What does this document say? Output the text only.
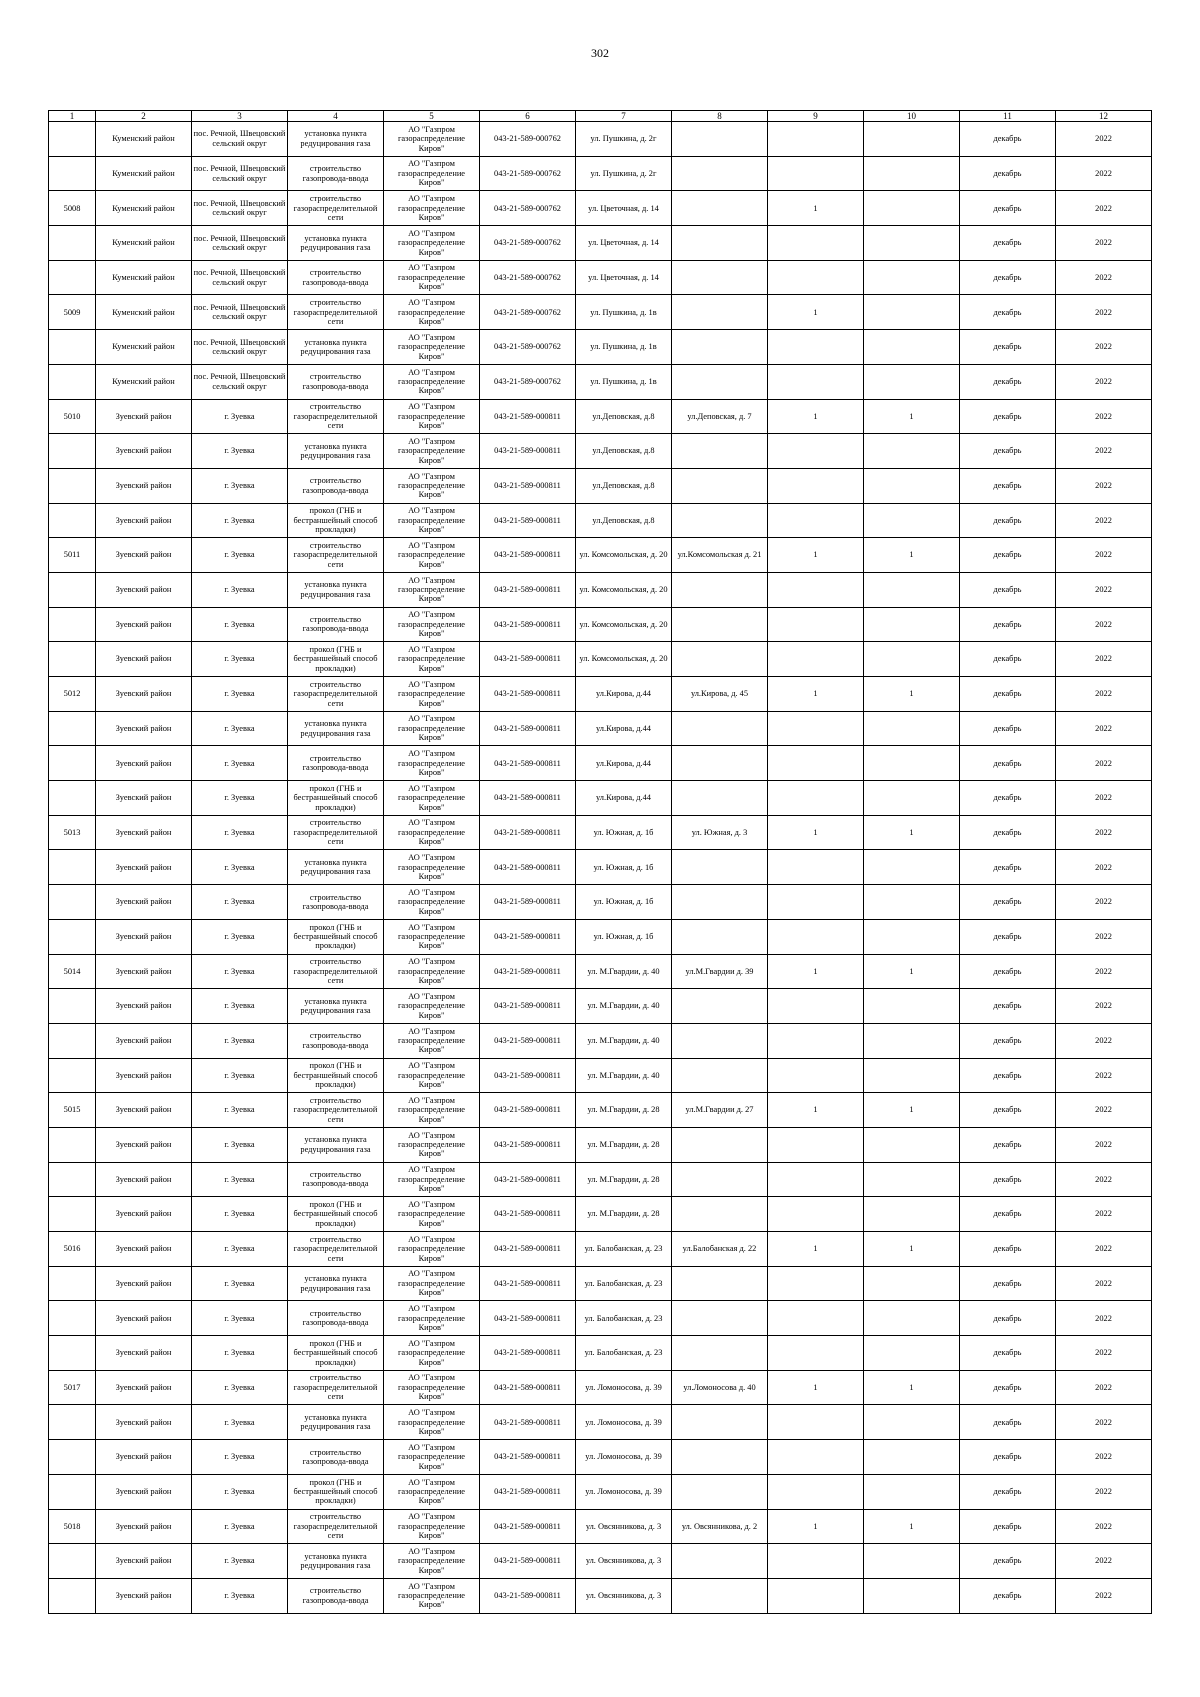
302
1	2	3	4	5	6	7	8	9	10	11	12

	Куменский район	пос. Речной, Швецовский сельский округ	установка пункта редуцирования газа	АО "Газпром газораспределение Киров"	043-21-589-000762	ул. Пушкина, д. 2г				декабрь	2022

	Куменский район	пос. Речной, Швецовский сельский округ	строительство газопровода-ввода	АО "Газпром газораспределение Киров"	043-21-589-000762	ул. Пушкина, д. 2г				декабрь	2022

5008	Куменский район	пос. Речной, Швецовский сельский округ	строительство газораспределительной сети	АО "Газпром газораспределение Киров"	043-21-589-000762	ул. Цветочная, д. 14		1		декабрь	2022

	Куменский район	пос. Речной, Швецовский сельский округ	установка пункта редуцирования газа	АО "Газпром газораспределение Киров"	043-21-589-000762	ул. Цветочная, д. 14				декабрь	2022

	Куменский район	пос. Речной, Швецовский сельский округ	строительство газопровода-ввода	АО "Газпром газораспределение Киров"	043-21-589-000762	ул. Цветочная, д. 14				декабрь	2022

5009	Куменский район	пос. Речной, Швецовский сельский округ	строительство газораспределительной сети	АО "Газпром газораспределение Киров"	043-21-589-000762	ул. Пушкина, д. 1в		1		декабрь	2022

	Куменский район	пос. Речной, Швецовский сельский округ	установка пункта редуцирования газа	АО "Газпром газораспределение Киров"	043-21-589-000762	ул. Пушкина, д. 1в				декабрь	2022

	Куменский район	пос. Речной, Швецовский сельский округ	строительство газопровода-ввода	АО "Газпром газораспределение Киров"	043-21-589-000762	ул. Пушкина, д. 1в				декабрь	2022

5010	Зуевский район	г. Зуевка	строительство газораспределительной сети	АО "Газпром газораспределение Киров"	043-21-589-000811	ул.Деповская, д.8	ул.Деповская, д. 7	1	1	декабрь	2022

	Зуевский район	г. Зуевка	установка пункта редуцирования газа	АО "Газпром газораспределение Киров"	043-21-589-000811	ул.Деповская, д.8				декабрь	2022

	Зуевский район	г. Зуевка	строительство газопровода-ввода	АО "Газпром газораспределение Киров"	043-21-589-000811	ул.Деповская, д.8				декабрь	2022

	Зуевский район	г. Зуевка	прокол (ГНБ и бестраншейный способ прокладки)	АО "Газпром газораспределение Киров"	043-21-589-000811	ул.Деповская, д.8				декабрь	2022

5011	Зуевский район	г. Зуевка	строительство газораспределительной сети	АО "Газпром газораспределение Киров"	043-21-589-000811	ул. Комсомольская, д. 20	ул.Комсомольская д. 21	1	1	декабрь	2022

	Зуевский район	г. Зуевка	установка пункта редуцирования газа	АО "Газпром газораспределение Киров"	043-21-589-000811	ул. Комсомольская, д. 20				декабрь	2022

	Зуевский район	г. Зуевка	строительство газопровода-ввода	АО "Газпром газораспределение Киров"	043-21-589-000811	ул. Комсомольская, д. 20				декабрь	2022

	Зуевский район	г. Зуевка	прокол (ГНБ и бестраншейный способ прокладки)	АО "Газпром газораспределение Киров"	043-21-589-000811	ул. Комсомольская, д. 20				декабрь	2022

5012	Зуевский район	г. Зуевка	строительство газораспределительной сети	АО "Газпром газораспределение Киров"	043-21-589-000811	ул.Кирова, д.44	ул.Кирова, д. 45	1	1	декабрь	2022

	Зуевский район	г. Зуевка	установка пункта редуцирования газа	АО "Газпром газораспределение Киров"	043-21-589-000811	ул.Кирова, д.44				декабрь	2022

	Зуевский район	г. Зуевка	строительство газопровода-ввода	АО "Газпром газораспределение Киров"	043-21-589-000811	ул.Кирова, д.44				декабрь	2022

	Зуевский район	г. Зуевка	прокол (ГНБ и бестраншейный способ прокладки)	АО "Газпром газораспределение Киров"	043-21-589-000811	ул.Кирова, д.44				декабрь	2022

5013	Зуевский район	г. Зуевка	строительство газораспределительной сети	АО "Газпром газораспределение Киров"	043-21-589-000811	ул. Южная, д. 1б	ул. Южная, д. 3	1	1	декабрь	2022

	Зуевский район	г. Зуевка	установка пункта редуцирования газа	АО "Газпром газораспределение Киров"	043-21-589-000811	ул. Южная, д. 1б				декабрь	2022

	Зуевский район	г. Зуевка	строительство газопровода-ввода	АО "Газпром газораспределение Киров"	043-21-589-000811	ул. Южная, д. 1б				декабрь	2022

	Зуевский район	г. Зуевка	прокол (ГНБ и бестраншейный способ прокладки)	АО "Газпром газораспределение Киров"	043-21-589-000811	ул. Южная, д. 1б				декабрь	2022

5014	Зуевский район	г. Зуевка	строительство газораспределительной сети	АО "Газпром газораспределение Киров"	043-21-589-000811	ул. М.Гвардии, д. 40	ул.М.Гвардии д. 39	1	1	декабрь	2022

	Зуевский район	г. Зуевка	установка пункта редуцирования газа	АО "Газпром газораспределение Киров"	043-21-589-000811	ул. М.Гвардии, д. 40				декабрь	2022

	Зуевский район	г. Зуевка	строительство газопровода-ввода	АО "Газпром газораспределение Киров"	043-21-589-000811	ул. М.Гвардии, д. 40				декабрь	2022

	Зуевский район	г. Зуевка	прокол (ГНБ и бестраншейный способ прокладки)	АО "Газпром газораспределение Киров"	043-21-589-000811	ул. М.Гвардии, д. 40				декабрь	2022

5015	Зуевский район	г. Зуевка	строительство газораспределительной сети	АО "Газпром газораспределение Киров"	043-21-589-000811	ул. М.Гвардии, д. 28	ул.М.Гвардии д. 27	1	1	декабрь	2022

	Зуевский район	г. Зуевка	установка пункта редуцирования газа	АО "Газпром газораспределение Киров"	043-21-589-000811	ул. М.Гвардии, д. 28				декабрь	2022

	Зуевский район	г. Зуевка	строительство газопровода-ввода	АО "Газпром газораспределение Киров"	043-21-589-000811	ул. М.Гвардии, д. 28				декабрь	2022

	Зуевский район	г. Зуевка	прокол (ГНБ и бестраншейный способ прокладки)	АО "Газпром газораспределение Киров"	043-21-589-000811	ул. М.Гвардии, д. 28				декабрь	2022

5016	Зуевский район	г. Зуевка	строительство газораспределительной сети	АО "Газпром газораспределение Киров"	043-21-589-000811	ул. Балобанская, д. 23	ул.Балобанская д. 22	1	1	декабрь	2022

	Зуевский район	г. Зуевка	установка пункта редуцирования газа	АО "Газпром газораспределение Киров"	043-21-589-000811	ул. Балобанская, д. 23				декабрь	2022

	Зуевский район	г. Зуевка	строительство газопровода-ввода	АО "Газпром газораспределение Киров"	043-21-589-000811	ул. Балобанская, д. 23				декабрь	2022

	Зуевский район	г. Зуевка	прокол (ГНБ и бестраншейный способ прокладки)	АО "Газпром газораспределение Киров"	043-21-589-000811	ул. Балобанская, д. 23				декабрь	2022

5017	Зуевский район	г. Зуевка	строительство газораспределительной сети	АО "Газпром газораспределение Киров"	043-21-589-000811	ул. Ломоносова, д. 39	ул.Ломоносова д. 40	1	1	декабрь	2022

	Зуевский район	г. Зуевка	установка пункта редуцирования газа	АО "Газпром газораспределение Киров"	043-21-589-000811	ул. Ломоносова, д. 39				декабрь	2022

	Зуевский район	г. Зуевка	строительство газопровода-ввода	АО "Газпром газораспределение Киров"	043-21-589-000811	ул. Ломоносова, д. 39				декабрь	2022

	Зуевский район	г. Зуевка	прокол (ГНБ и бестраншейный способ прокладки)	АО "Газпром газораспределение Киров"	043-21-589-000811	ул. Ломоносова, д. 39				декабрь	2022

5018	Зуевский район	г. Зуевка	строительство газораспределительной сети	АО "Газпром газораспределение Киров"	043-21-589-000811	ул. Овсянникова, д. 3	ул. Овсянникова, д. 2	1	1	декабрь	2022

	Зуевский район	г. Зуевка	установка пункта редуцирования газа	АО "Газпром газораспределение Киров"	043-21-589-000811	ул. Овсянникова, д. 3				декабрь	2022

	Зуевский район	г. Зуевка	строительство газопровода-ввода	АО "Газпром газораспределение Киров"	043-21-589-000811	ул. Овсянникова, д. 3				декабрь	2022
